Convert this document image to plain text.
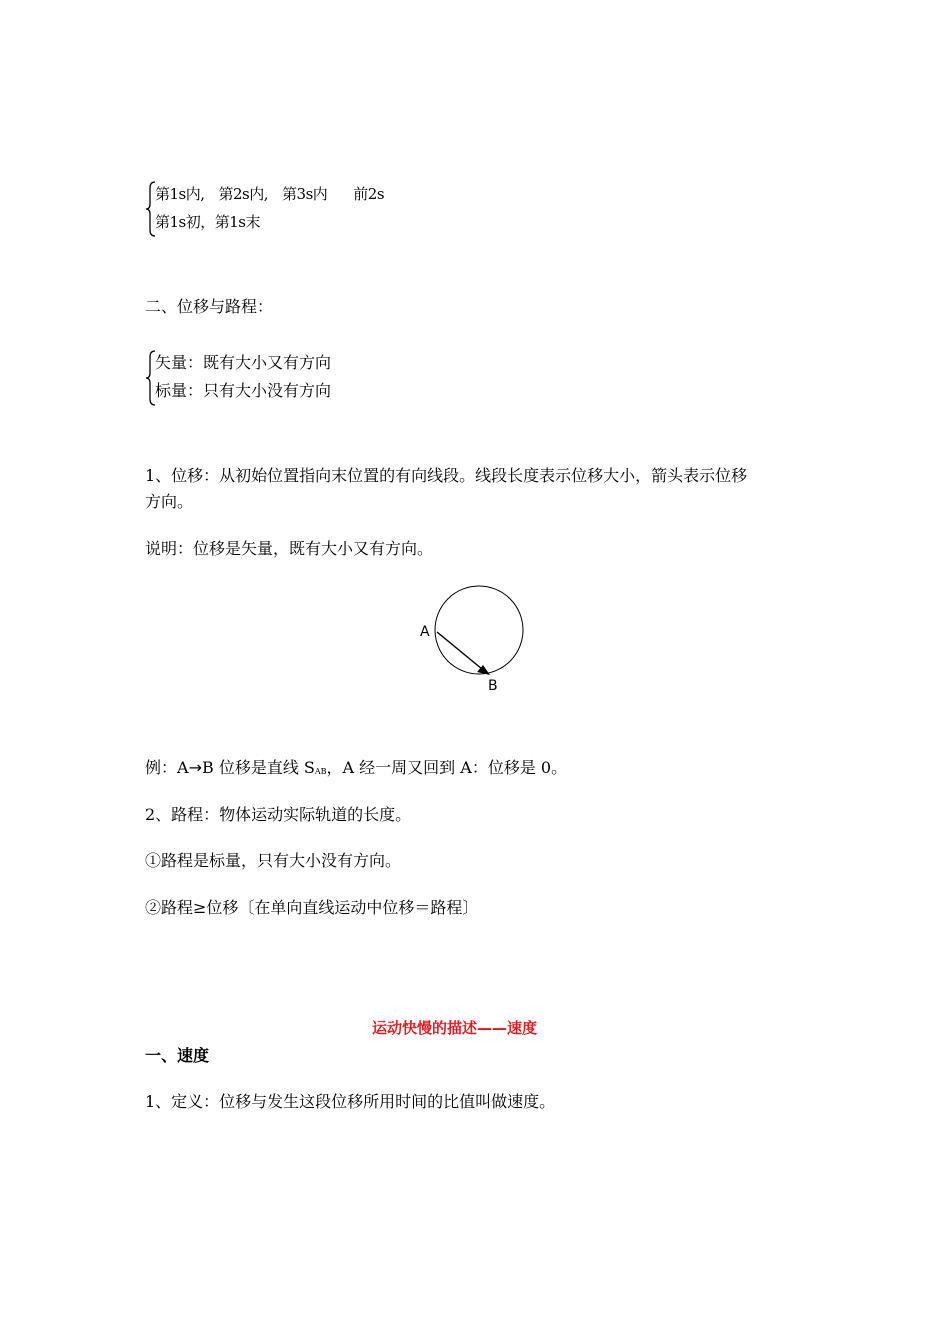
第1s内, 第2s内, 第3s内 前2s
第1s初，第1s末
二、位移与路程：
矢量：既有大小又有方向
标量：只有大小没有方向
1、位移：从初始位置指向末位置的有向线段。线段长度表示位移大小，箭头表示位移
方向。
说明：位移是矢量，既有大小又有方向。
A
B
例：A→B 位移是直线 $S_{AB}$，A 经一周又回到 A：位移是 0。
2、路程：物体运动实际轨道的长度。
①路程是标量，只有大小没有方向。
②路程≥位移〔在单向直线运动中位移＝路程〕
运动快慢的描述——速度
一、速度
1、定义：位移与发生这段位移所用时间的比值叫做速度。
